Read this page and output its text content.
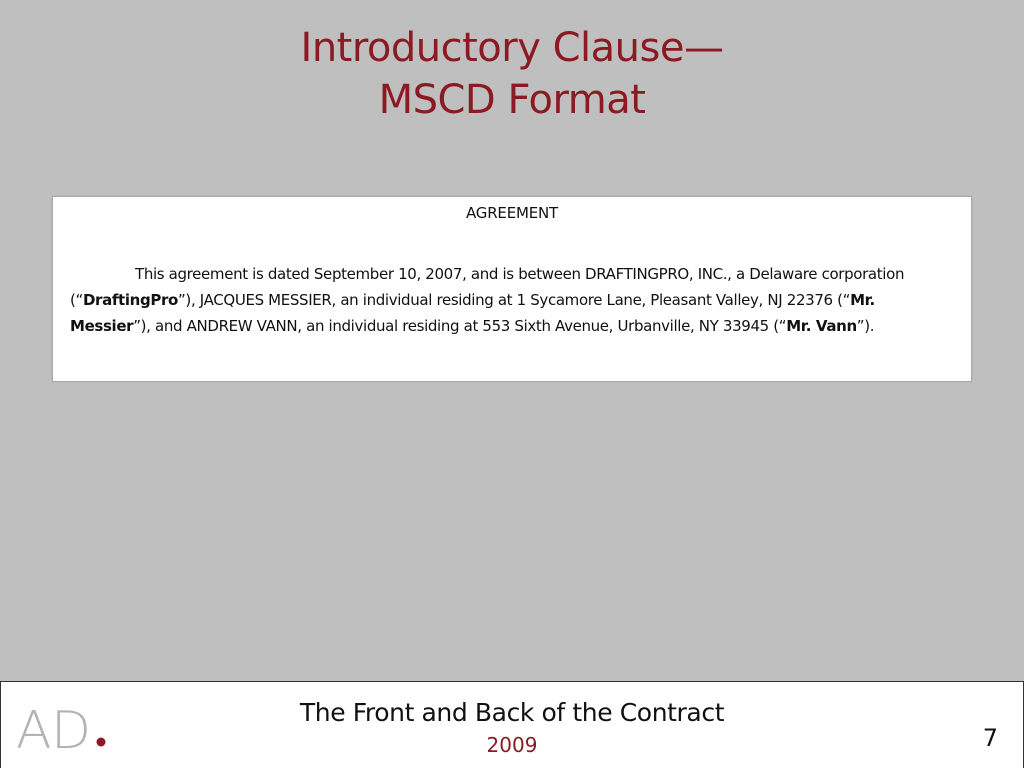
Introductory Clause—
MSCD Format
AGREEMENT

This agreement is dated September 10, 2007, and is between DRAFTINGPRO, INC., a Delaware corporation (“DraftingPro”), JACQUES MESSIER, an individual residing at 1 Sycamore Lane, Pleasant Valley, NJ 22376 (“Mr. Messier”), and ANDREW VANN, an individual residing at 553 Sixth Avenue, Urbanville, NY 33945 (“Mr. Vann”).

A D	The Front and Back of the Contract
2009	7
